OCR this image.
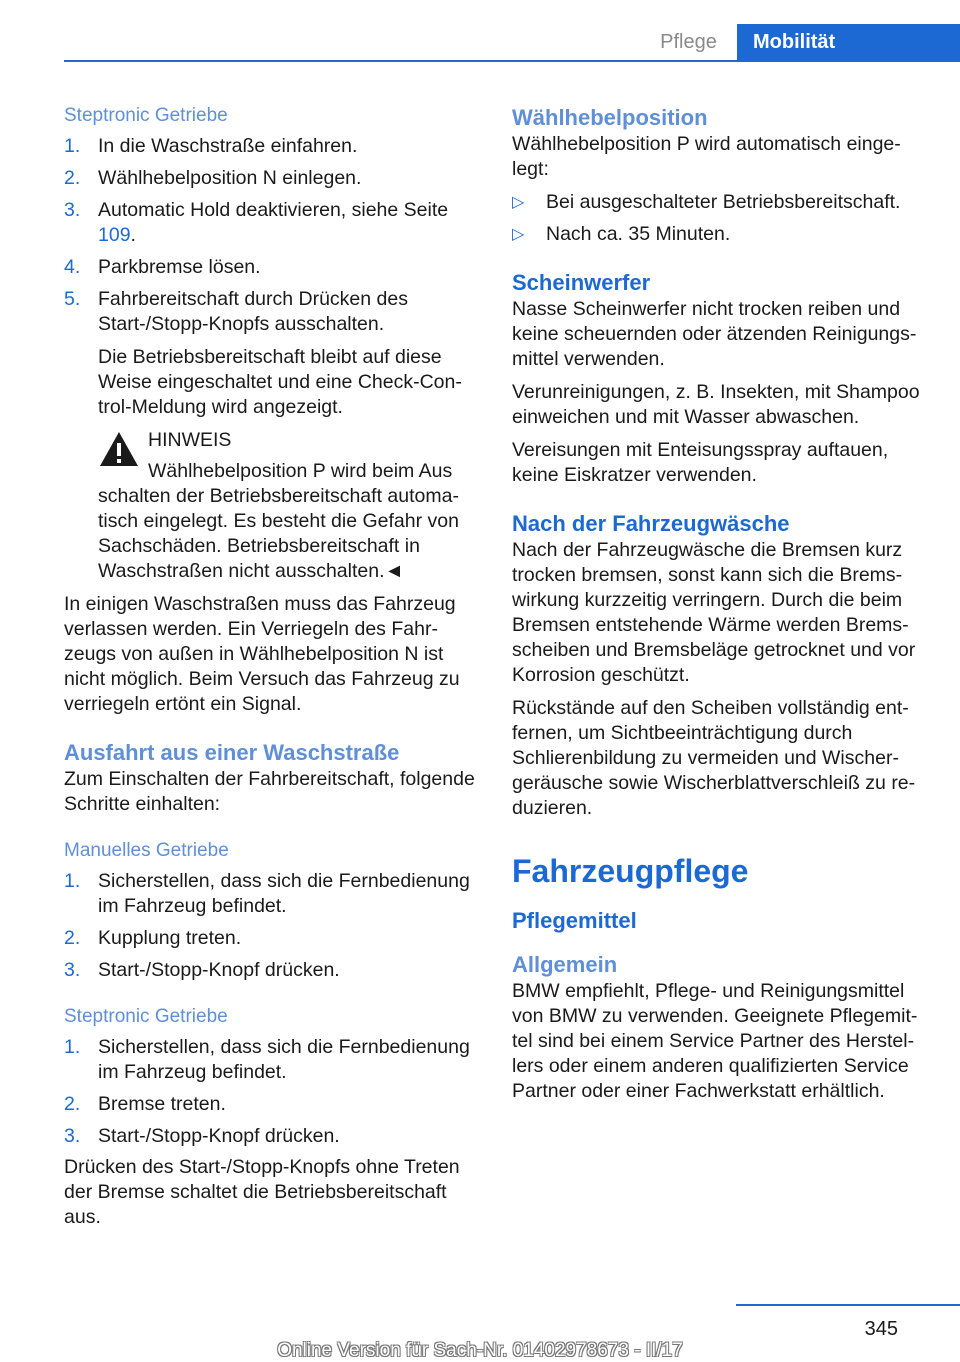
Pflege	Mobilität
Steptronic Getriebe
1. In die Waschstraße einfahren.
2. Wählhebelposition N einlegen.
3. Automatic Hold deaktivieren, siehe Seite 109.
4. Parkbremse lösen.
5. Fahrbereitschaft durch Drücken des Start-/Stopp-Knopfs ausschalten.

Die Betriebsbereitschaft bleibt auf diese Weise eingeschaltet und eine Check-Control-Meldung wird angezeigt.

HINWEIS
Wählhebelposition P wird beim Aus
schalten der Betriebsbereitschaft automatisch eingelegt. Es besteht die Gefahr von Sachschäden. Betriebsbereitschaft in Waschstraßen nicht ausschalten.◄

In einigen Waschstraßen muss das Fahrzeug verlassen werden. Ein Verriegeln des Fahrzeugs von außen in Wählhebelposition N ist nicht möglich. Beim Versuch das Fahrzeug zu verriegeln ertönt ein Signal.

Ausfahrt aus einer Waschstraße

Zum Einschalten der Fahrbereitschaft, folgende Schritte einhalten:

Manuelles Getriebe
1. Sicherstellen, dass sich die Fernbedienung im Fahrzeug befindet.
2. Kupplung treten.
3. Start-/Stopp-Knopf drücken.
Steptronic Getriebe
1. Sicherstellen, dass sich die Fernbedienung im Fahrzeug befindet.
2. Bremse treten.
3. Start-/Stopp-Knopf drücken.

Drücken des Start-/Stopp-Knopfs ohne Treten der Bremse schaltet die Betriebsbereitschaft aus.

Wählhebelposition

Wählhebelposition P wird automatisch eingelegt:

▷ Bei ausgeschalteter Betriebsbereitschaft.
▷ Nach ca. 35 Minuten.
Scheinwerfer

Nasse Scheinwerfer nicht trocken reiben und keine scheuernden oder ätzenden Reinigungsmittel verwenden.

Verunreinigungen, z. B. Insekten, mit Shampoo einweichen und mit Wasser abwaschen.

Vereisungen mit Enteisungsspray auftauen, keine Eiskratzer verwenden.

Nach der Fahrzeugwäsche

Nach der Fahrzeugwäsche die Bremsen kurz trocken bremsen, sonst kann sich die Bremswirkung kurzzeitig verringern. Durch die beim Bremsen entstehende Wärme werden Bremsscheiben und Bremsbeläge getrocknet und vor Korrosion geschützt.

Rückstände auf den Scheiben vollständig entfernen, um Sichtbeeinträchtigung durch Schlierenbildung zu vermeiden und Wischergeräusche sowie Wischerblattverschleiß zu reduzieren.

Fahrzeugpflege
Pflegemittel
Allgemein

BMW empfiehlt, Pflege- und Reinigungsmittel von BMW zu verwenden. Geeignete Pflegemittel sind bei einem Service Partner des Herstellers oder einem anderen qualifizierten Service Partner oder einer Fachwerkstatt erhältlich.

345
Online Version für Sach-Nr. 01402978673 - II/17
